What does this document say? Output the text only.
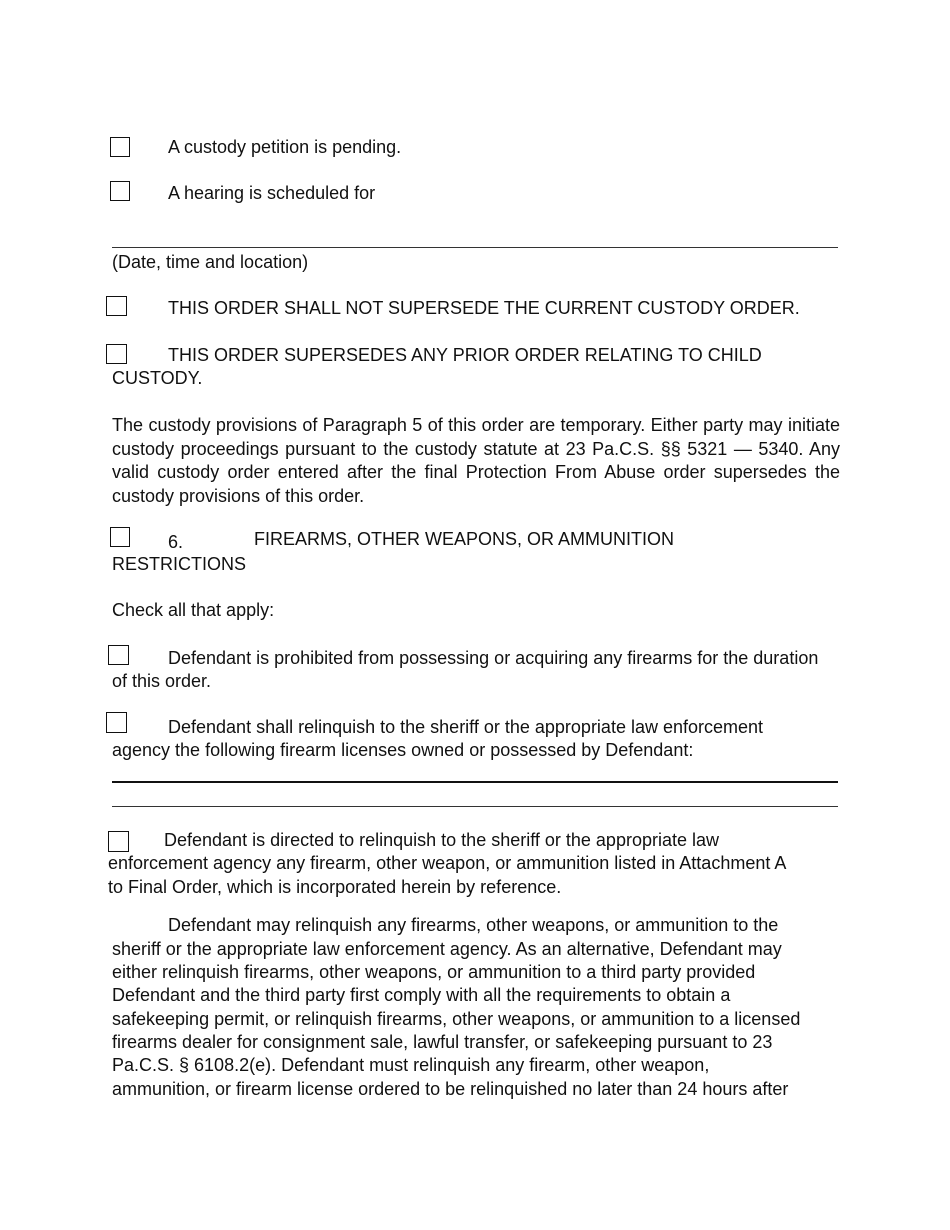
A custody petition is pending.
A hearing is scheduled for
(Date, time and location)
THIS ORDER SHALL NOT SUPERSEDE THE CURRENT CUSTODY ORDER.
THIS ORDER SUPERSEDES ANY PRIOR ORDER RELATING TO CHILD
CUSTODY.
The custody provisions of Paragraph 5 of this order are temporary. Either party may initiate custody proceedings pursuant to the custody statute at 23 Pa.C.S. §§ 5321 — 5340. Any valid custody order entered after the final Protection From Abuse order supersedes the custody provisions of this order.
6.	FIREARMS, OTHER WEAPONS, OR AMMUNITION
RESTRICTIONS
Check all that apply:
Defendant is prohibited from possessing or acquiring any firearms for the duration
of this order.
Defendant shall relinquish to the sheriff or the appropriate law enforcement
agency the following firearm licenses owned or possessed by Defendant:
Defendant is directed to relinquish to the sheriff or the appropriate law
enforcement agency any firearm, other weapon, or ammunition listed in Attachment A
to Final Order, which is incorporated herein by reference.
Defendant may relinquish any firearms, other weapons, or ammunition to the
sheriff or the appropriate law enforcement agency. As an alternative, Defendant may
either relinquish firearms, other weapons, or ammunition to a third party provided
Defendant and the third party first comply with all the requirements to obtain a
safekeeping permit, or relinquish firearms, other weapons, or ammunition to a licensed
firearms dealer for consignment sale, lawful transfer, or safekeeping pursuant to 23
Pa.C.S. § 6108.2(e). Defendant must relinquish any firearm, other weapon,
ammunition, or firearm license ordered to be relinquished no later than 24 hours after
